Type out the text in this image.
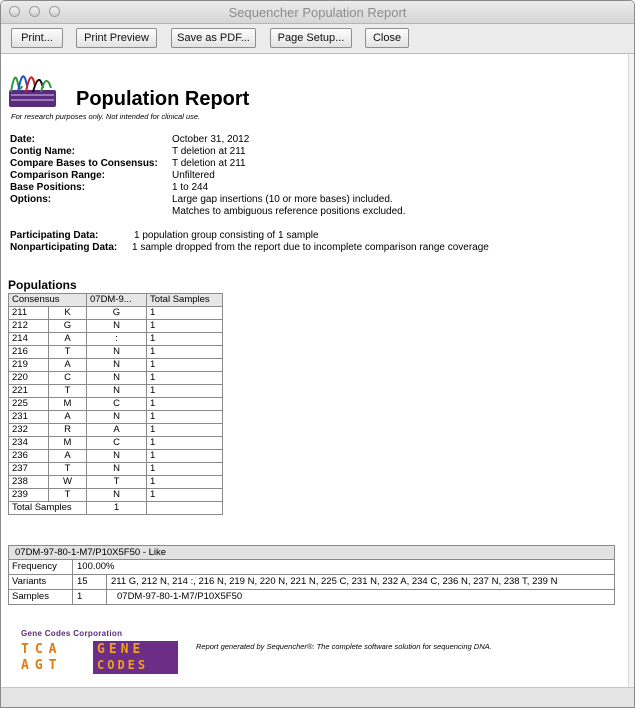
Sequencher Population Report
Print...	Print Preview	Save as PDF...	Page Setup...	Close
Population Report
For research purposes only. Not intended for clinical use.
Date:	October 31, 2012
Contig Name:	T deletion at 211
Compare Bases to Consensus: T deletion at 211
Comparison Range:	Unfiltered
Base Positions:	1 to 244
Options:	Large gap insertions (10 or more bases) included.
Matches to ambiguous reference positions excluded.
Participating Data:	1 population group consisting of 1 sample
Nonparticipating Data: 1 sample dropped from the report due to incomplete comparison range coverage
Populations
Consensus		07DM-9...	Total Samples
211	K	G	1
212	G	N	1
214	A	:	1
216	T	N	1
219	A	N	1
220	C	N	1
221	T	N	1
225	M	C	1
231	A	N	1
232	R	A	1
234	M	C	1
236	A	N	1
237	T	N	1
238	W	T	1
239	T	N	1
Total Samples		1	
07DM-97-80-1-M7/P10X5F50 - Like
Frequency	100.00%
Variants	15	211 G, 212 N, 214 :, 216 N, 219 N, 220 N, 221 N, 225 C, 231 N, 232 A, 234 C, 236 N, 237 N, 238 T, 239 N
Samples	1	07DM-97-80-1-M7/P10X5F50
Gene Codes Corporation
TCA
AGT
GENE
CODES
Report generated by Sequencher®: The complete software solution for sequencing DNA.
